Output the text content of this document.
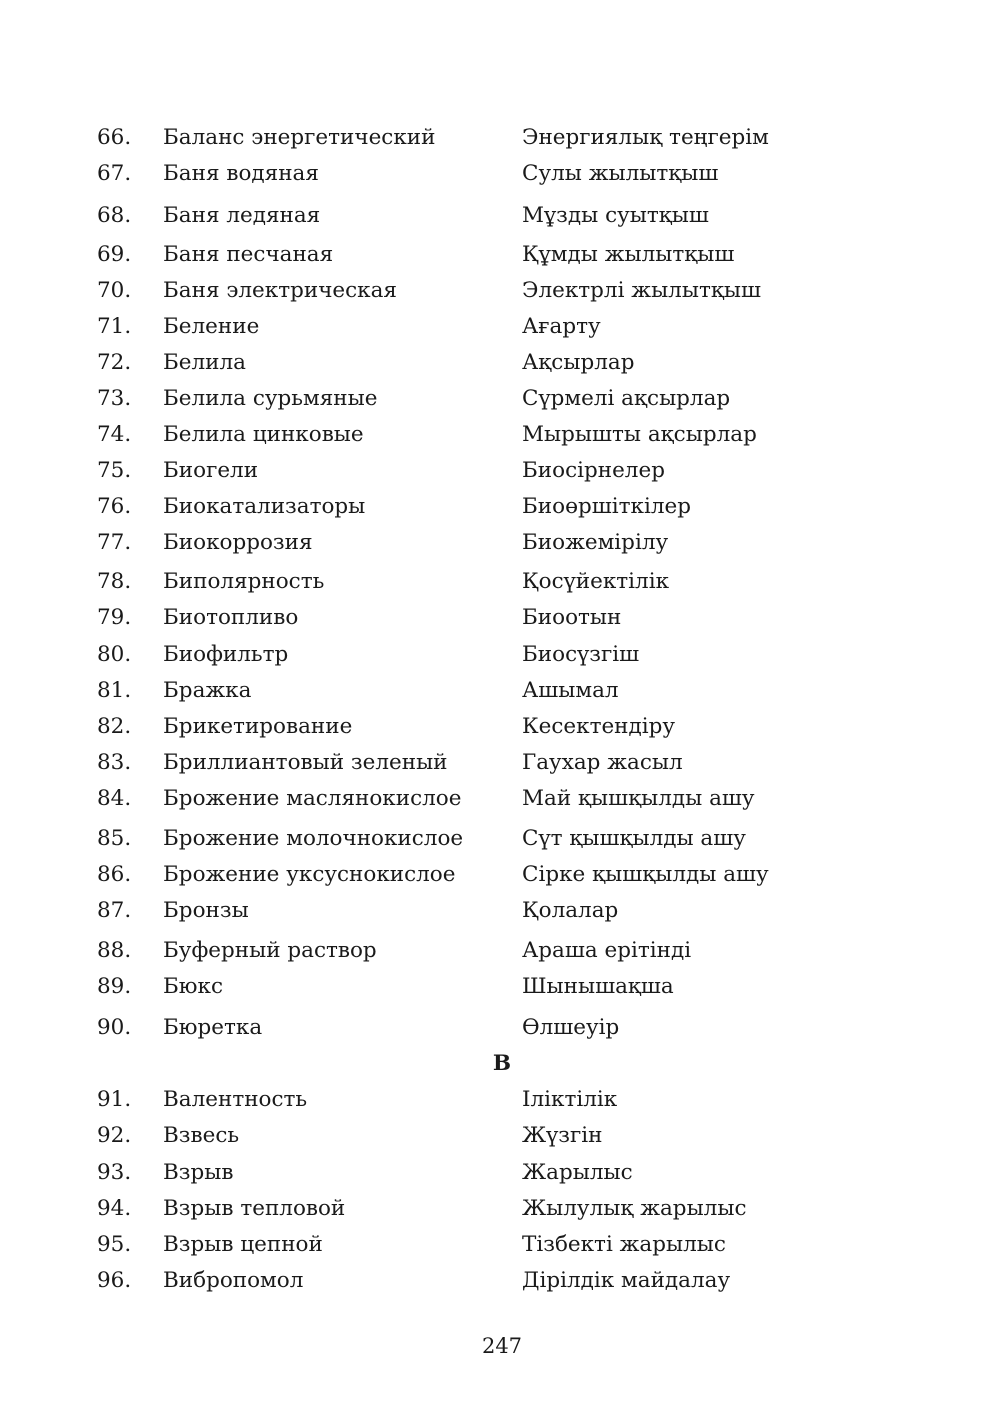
66. Баланс энергетический	Энергиялық теңгерім
67. Баня водяная	Сулы жылытқыш
68. Баня ледяная	Мұзды суытқыш
69. Баня песчаная	Құмды жылытқыш
70. Баня электрическая	Электрлі жылытқыш
71. Беление	Ағарту
72. Белила	Ақсырлар
73. Белила сурьмяные	Сүрмелі ақсырлар
74. Белила цинковые	Мырышты ақсырлар
75. Биогели	Биосірнелер
76. Биокатализаторы	Биоөршіткілер
77. Биокоррозия	Биожемірілу
78. Биполярность	Қосүйектілік
79. Биотопливо	Биоотын
80. Биофильтр	Биосүзгіш
81. Бражка	Ашымал
82. Брикетирование	Кесектендіру
83. Бриллиантовый зеленый	Гаухар жасыл
84. Брожение маслянокислое	Май қышқылды ашу
85. Брожение молочнокислое	Сүт қышқылды ашу
86. Брожение уксуснокислое	Сірке қышқылды ашу
87. Бронзы	Қолалар
88. Буферный раствор	Араша ерітінді
89. Бюкс	Шынышақша
90. Бюретка	Өлшеуір
В
91. Валентность	Іліктілік
92. Взвесь	Жүзгін
93. Взрыв	Жарылыс
94. Взрыв тепловой	Жылулық жарылыс
95. Взрыв цепной	Тізбекті жарылыс
96. Вибропомол	Дірілдік майдалау
247
